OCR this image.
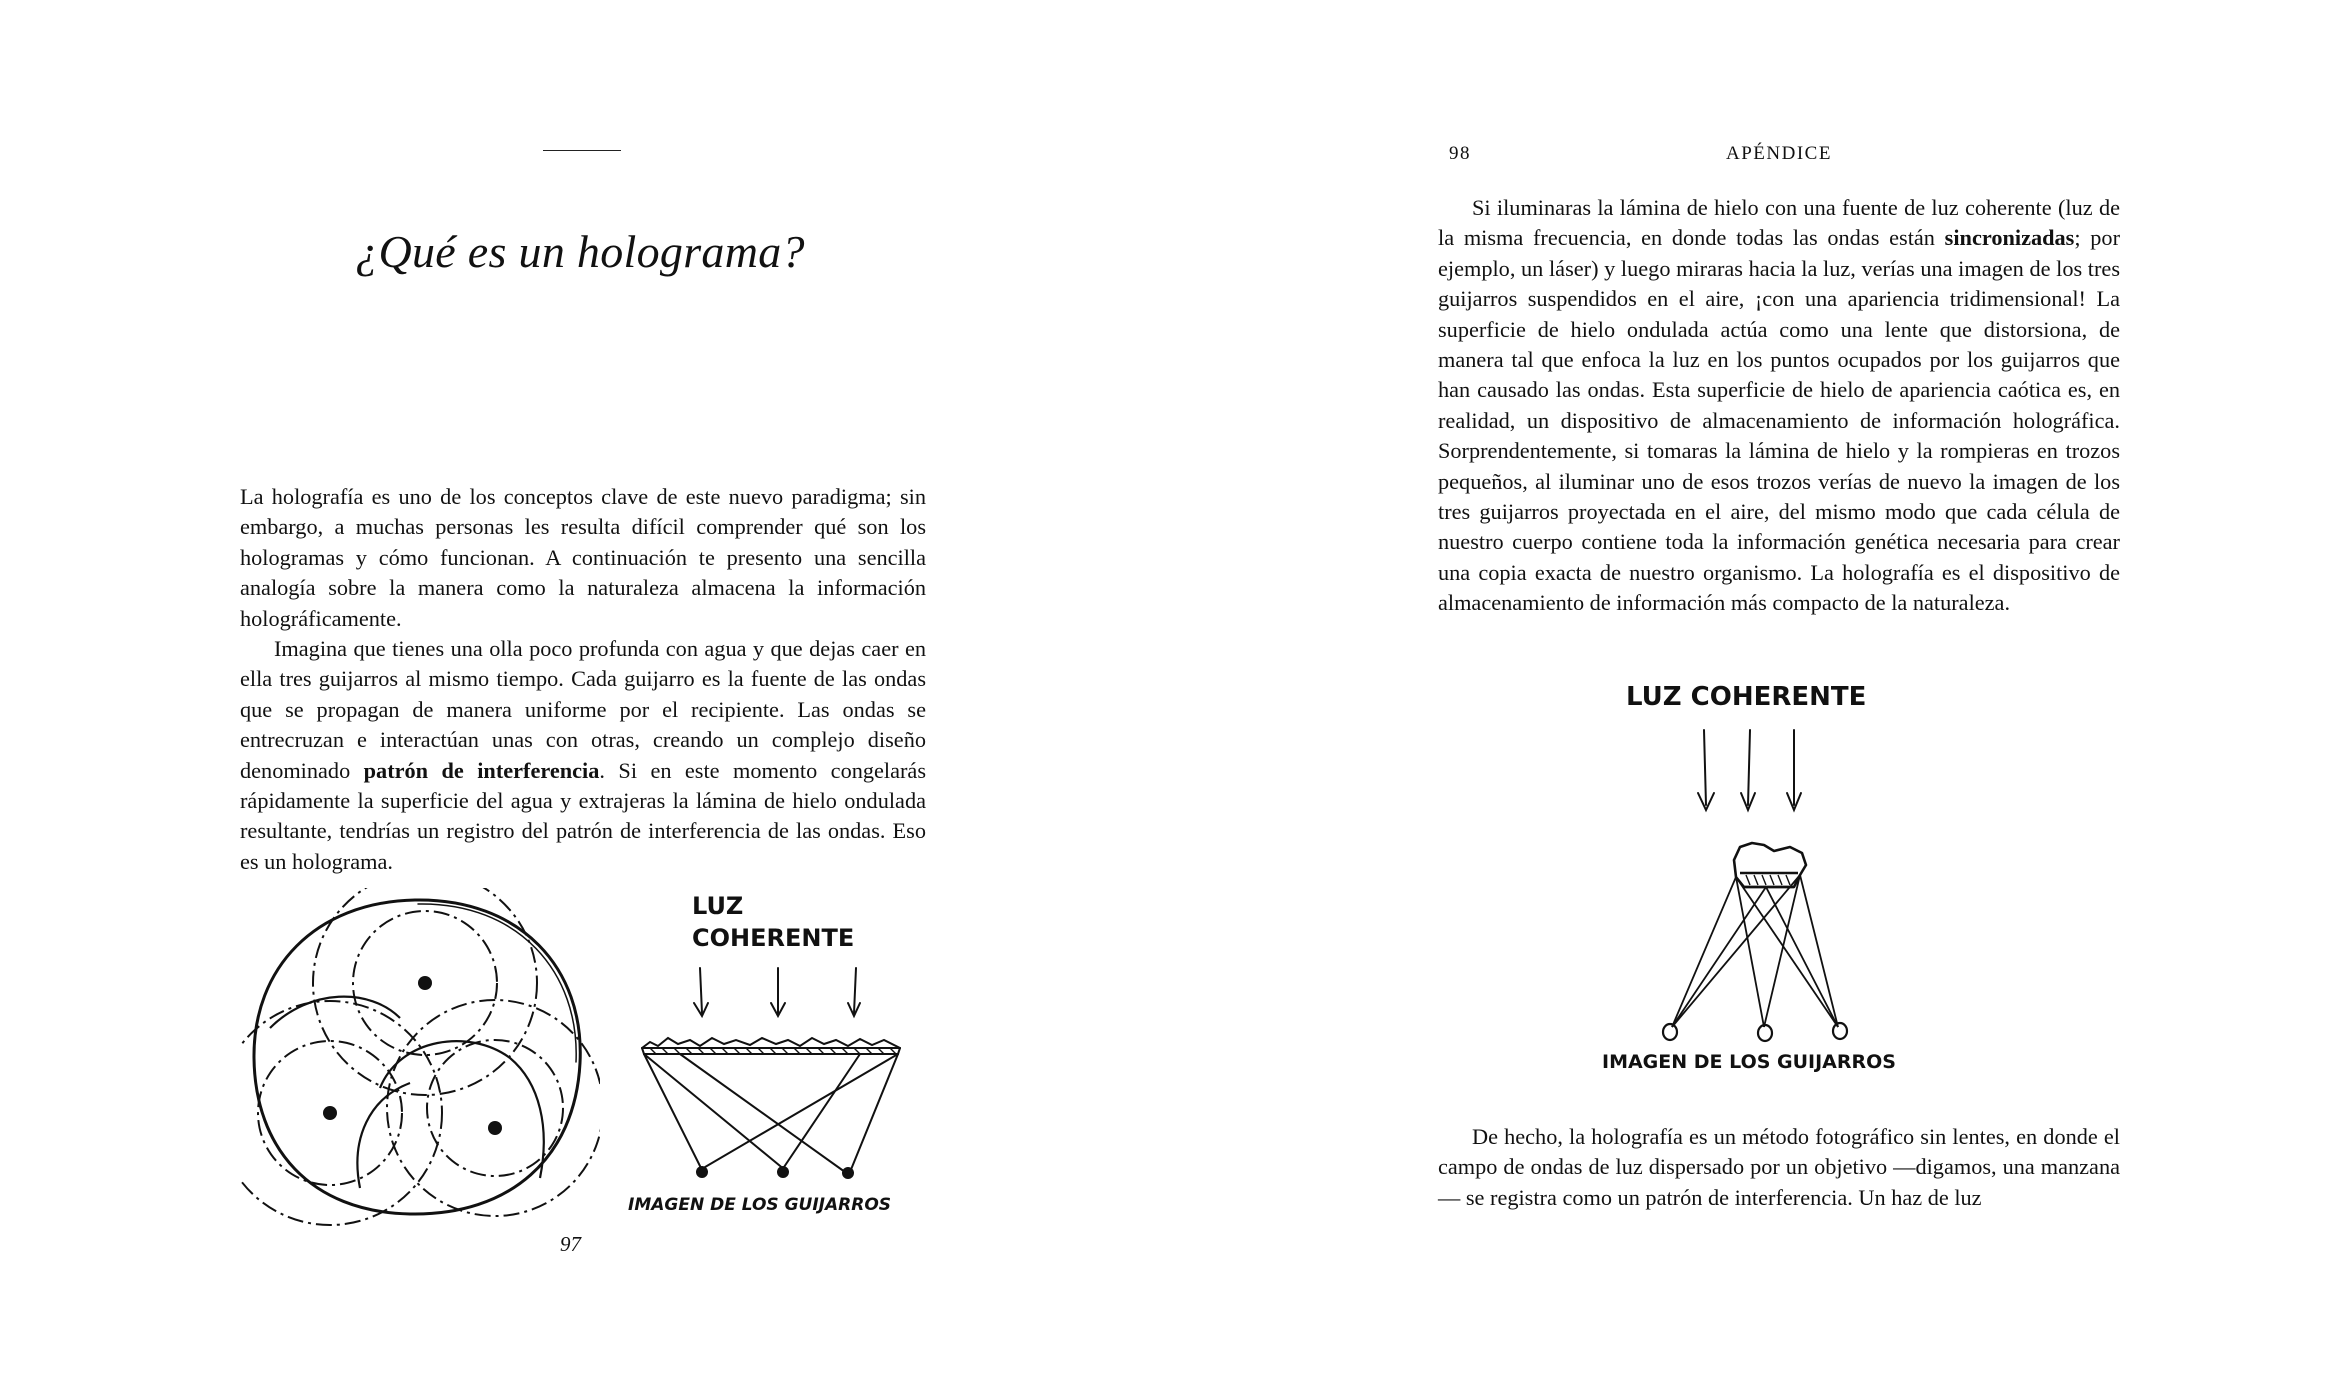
¿Qué es un holograma?

La holografía es uno de los conceptos clave de este nuevo paradigma; sin embargo, a muchas personas les resulta difícil comprender qué son los hologramas y cómo funcionan. A continuación te presento una sencilla analogía sobre la manera como la naturaleza almacena la información holográficamente.

Imagina que tienes una olla poco profunda con agua y que dejas caer en ella tres guijarros al mismo tiempo. Cada guijarro es la fuente de las ondas que se propagan de manera uniforme por el recipiente. Las ondas se entrecruzan e interactúan unas con otras, creando un complejo diseño denominado patrón de interferencia. Si en este momento congelarás rápidamente la superficie del agua y extrajeras la lámina de hielo ondulada resultante, tendrías un registro del patrón de interferencia de las ondas. Eso es un holograma.

LUZ
COHERENTE
IMAGEN DE LOS GUIJARROS
97
98	APÉNDICE

Si iluminaras la lámina de hielo con una fuente de luz coherente (luz de la misma frecuencia, en donde todas las ondas están sincronizadas; por ejemplo, un láser) y luego miraras hacia la luz, verías una imagen de los tres guijarros suspendidos en el aire, ¡con una apariencia tridimensional! La superficie de hielo ondulada actúa como una lente que distorsiona, de manera tal que enfoca la luz en los puntos ocupados por los guijarros que han causado las ondas. Esta superficie de hielo de apariencia caótica es, en realidad, un dispositivo de almacenamiento de información holográfica. Sorprendentemente, si tomaras la lámina de hielo y la rompieras en trozos pequeños, al iluminar uno de esos trozos verías de nuevo la imagen de los tres guijarros proyectada en el aire, del mismo modo que cada célula de nuestro cuerpo contiene toda la información genética necesaria para crear una copia exacta de nuestro organismo. La holografía es el dispositivo de almacenamiento de información más compacto de la naturaleza.

LUZ COHERENTE
IMAGEN DE LOS GUIJARROS

De hecho, la holografía es un método fotográfico sin lentes, en donde el campo de ondas de luz dispersado por un objetivo —digamos, una manzana— se registra como un patrón de interferencia. Un haz de luz
